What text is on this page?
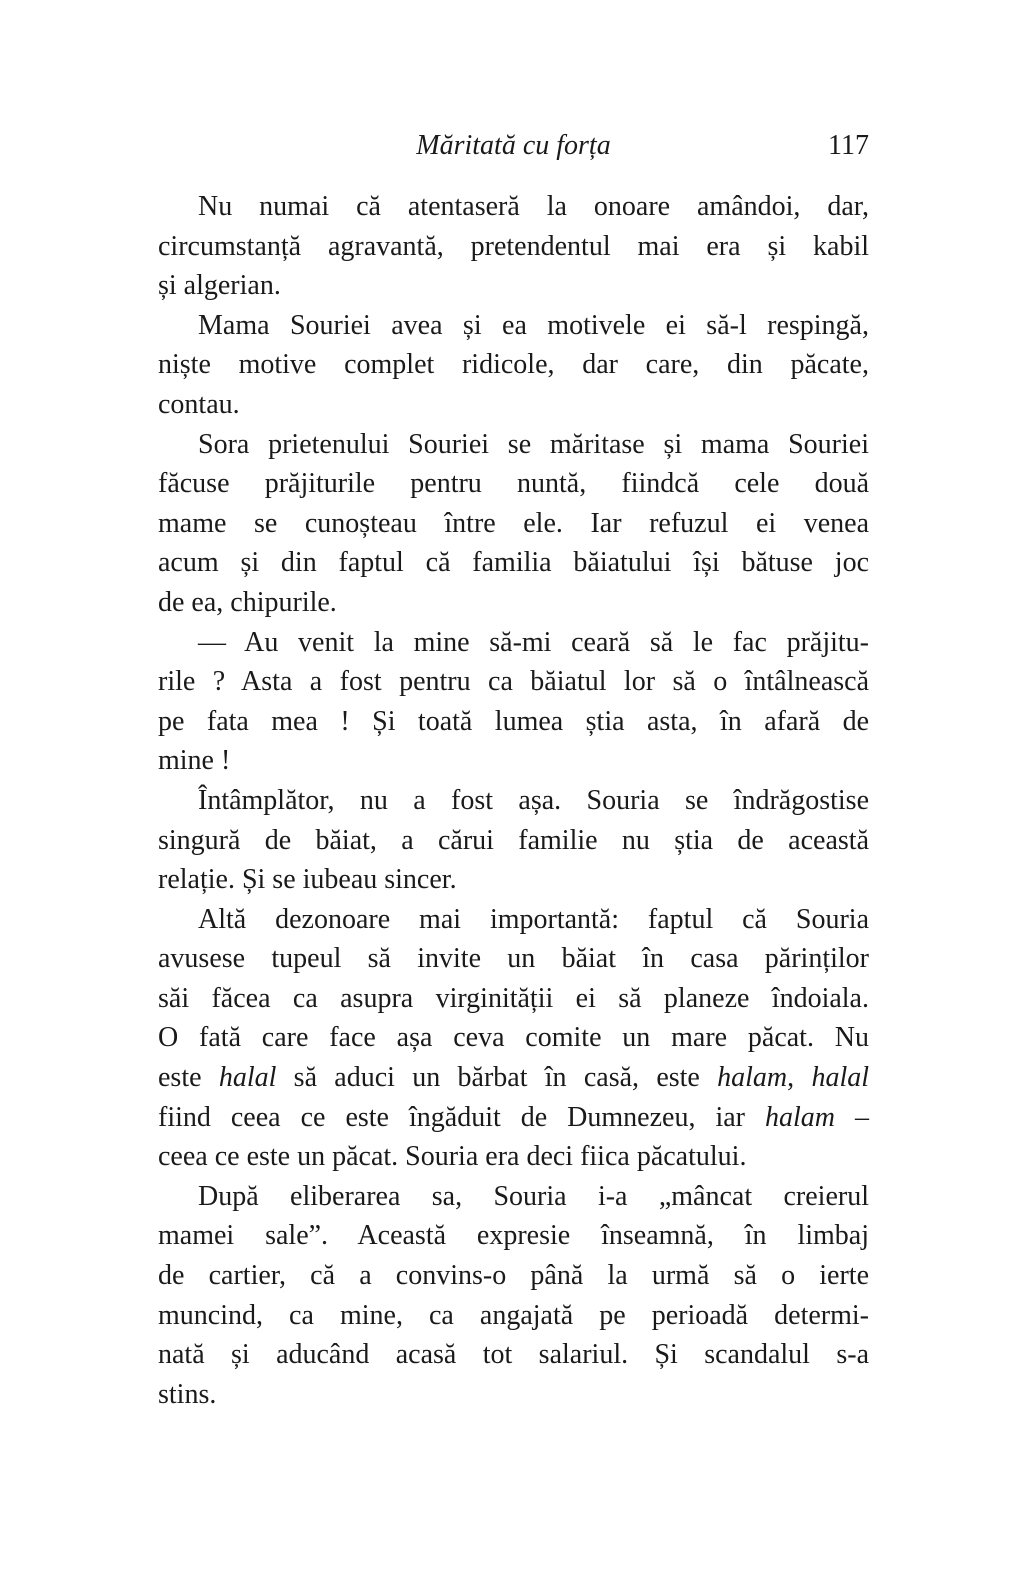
Măritată cu forța	117
Nu numai că atentaseră la onoare amândoi, dar,
circumstanță agravantă, pretendentul mai era și kabil
și algerian.
Mama Souriei avea și ea motivele ei să-l respingă,
niște motive complet ridicole, dar care, din păcate,
contau.
Sora prietenului Souriei se măritase și mama Souriei
făcuse prăjiturile pentru nuntă, fiindcă cele două
mame se cunoșteau între ele. Iar refuzul ei venea
acum și din faptul că familia băiatului își bătuse joc
de ea, chipurile.
— Au venit la mine să-mi ceară să le fac prăjitu-
rile ? Asta a fost pentru ca băiatul lor să o întâlnească
pe fata mea ! Și toată lumea știa asta, în afară de
mine !
Întâmplător, nu a fost așa. Souria se îndrăgostise
singură de băiat, a cărui familie nu știa de această
relație. Și se iubeau sincer.
Altă dezonoare mai importantă: faptul că Souria
avusese tupeul să invite un băiat în casa părinților
săi făcea ca asupra virginității ei să planeze îndoiala.
O fată care face așa ceva comite un mare păcat. Nu
este halal să aduci un bărbat în casă, este halam, halal
fiind ceea ce este îngăduit de Dumnezeu, iar halam –
ceea ce este un păcat. Souria era deci fiica păcatului.
După eliberarea sa, Souria i-a „mâncat creierul
mamei sale”. Această expresie înseamnă, în limbaj
de cartier, că a convins-o până la urmă să o ierte
muncind, ca mine, ca angajată pe perioadă determi-
nată și aducând acasă tot salariul. Și scandalul s-a
stins.
